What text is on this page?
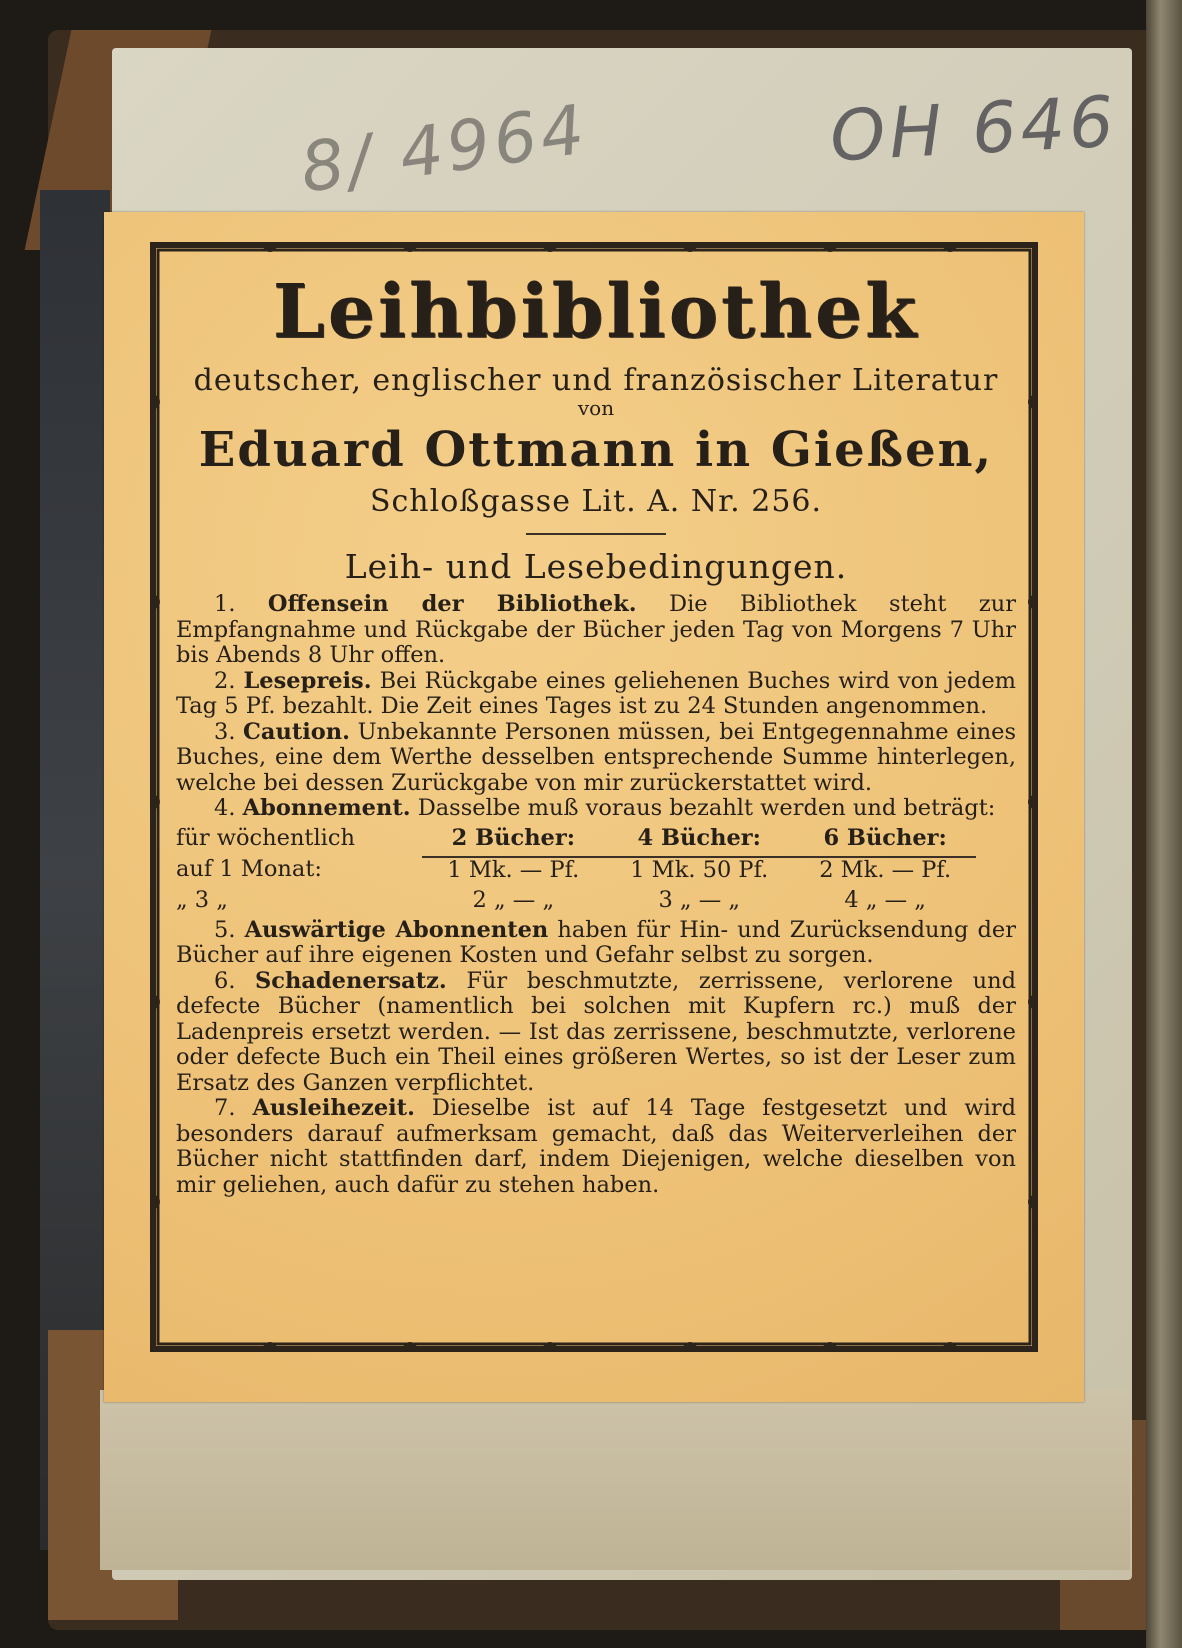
8/ 4964	OH 646
Leihbibliothek
deutscher, englischer und französischer Literatur
von
Eduard Ottmann in Gießen,
Schloßgasse Lit. A. Nr. 256.
Leih- und Lesebedingungen.

1. Offensein der Bibliothek. Die Bibliothek steht zur Empfangnahme und Rückgabe der Bücher jeden Tag von Morgens 7 Uhr bis Abends 8 Uhr offen.

2. Lesepreis. Bei Rückgabe eines geliehenen Buches wird von jedem Tag 5 Pf. bezahlt. Die Zeit eines Tages ist zu 24 Stunden angenommen.

3. Caution. Unbekannte Personen müssen, bei Entgegennahme eines Buches, eine dem Werthe desselben entsprechende Summe hinterlegen, welche bei dessen Zurückgabe von mir zurückerstattet wird.

4. Abonnement. Dasselbe muß voraus bezahlt werden und beträgt:

für wöchentlich	2 Bücher:	4 Bücher:	6 Bücher:
auf 1 Monat:	1 Mk. — Pf.	1 Mk. 50 Pf.	2 Mk. — Pf.
„ 3 „	2 „ — „	3 „ — „	4 „ — „

5. Auswärtige Abonnenten haben für Hin- und Zurücksendung der Bücher auf ihre eigenen Kosten und Gefahr selbst zu sorgen.

6. Schadenersatz. Für beschmutzte, zerrissene, verlorene und defecte Bücher (namentlich bei solchen mit Kupfern rc.) muß der Ladenpreis ersetzt werden. — Ist das zerrissene, beschmutzte, verlorene oder defecte Buch ein Theil eines größeren Wertes, so ist der Leser zum Ersatz des Ganzen verpflichtet.

7. Ausleihezeit. Dieselbe ist auf 14 Tage festgesetzt und wird besonders darauf aufmerksam gemacht, daß das Weiterverleihen der Bücher nicht stattfinden darf, indem Diejenigen, welche dieselben von mir geliehen, auch dafür zu stehen haben.
